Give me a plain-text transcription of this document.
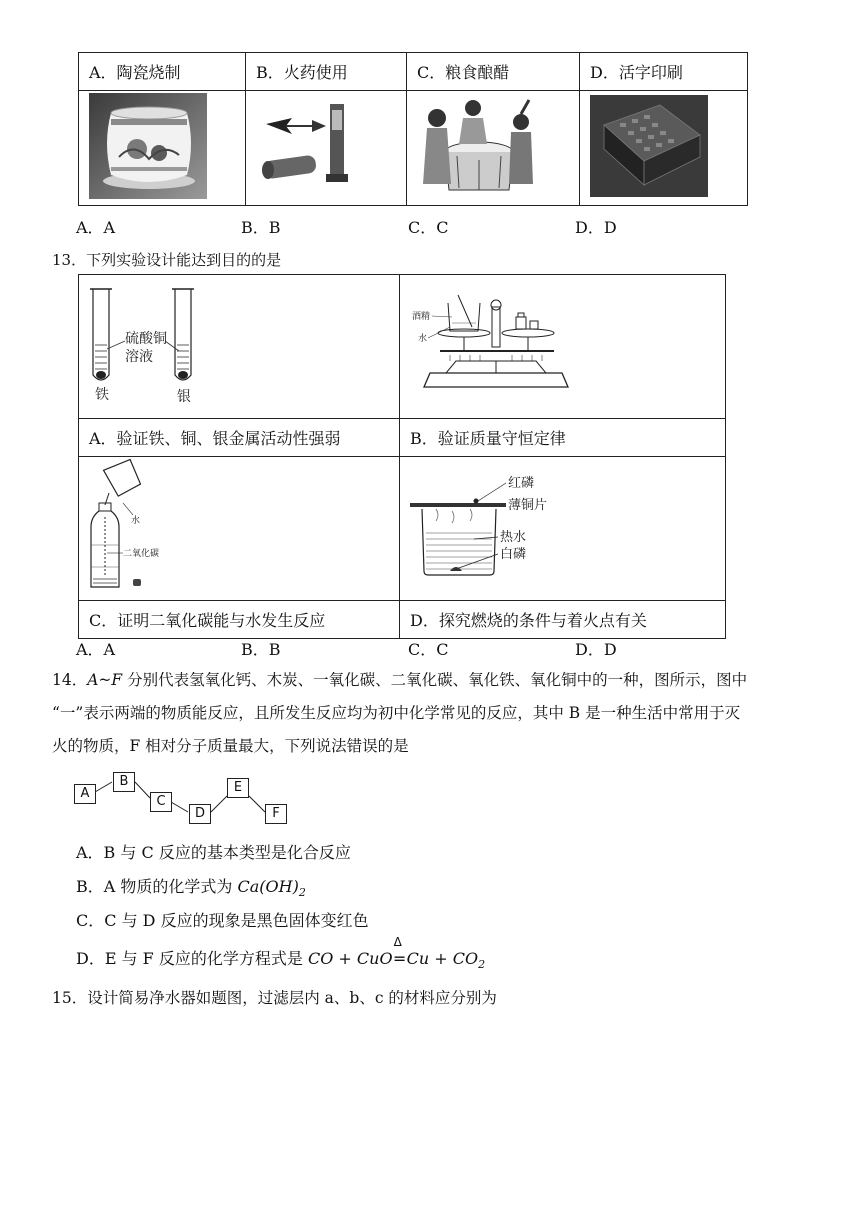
A．陶瓷烧制	B．火药使用	C．粮食酿醋	D．活字印刷

A．A	B．B	C．C	D．D
13．下列实验设计能达到目的的是
硫酸铜
溶液
铁 银	酒精
水

A．验证铁、铜、银金属活动性强弱	B．验证质量守恒定律

水
二氧化碳	红磷
薄铜片
热水
白磷

C．证明二氧化碳能与水发生反应	D．探究燃烧的条件与着火点有关
A．A	B．B	C．C	D．D
14．A~F 分别代表氢氧化钙、木炭、一氧化碳、二氧化碳、氧化铁、氧化铜中的一种，图所示，图中
“一”表示两端的物质能反应，且所发生反应均为初中化学常见的反应，其中 B 是一种生活中常用于灭
火的物质，F 相对分子质量最大，下列说法错误的是
A
B
C
D
E
F
A．B 与 C 反应的基本类型是化合反应
B．A 物质的化学式为 $Ca(OH)_2$
C．C 与 D 反应的现象是黑色固体变红色
D．E 与 F 反应的化学方程式是 CO + CuO
Δ
$=Cu + CO_2$
15．设计简易净水器如题图，过滤层内 a、b、c 的材料应分别为
